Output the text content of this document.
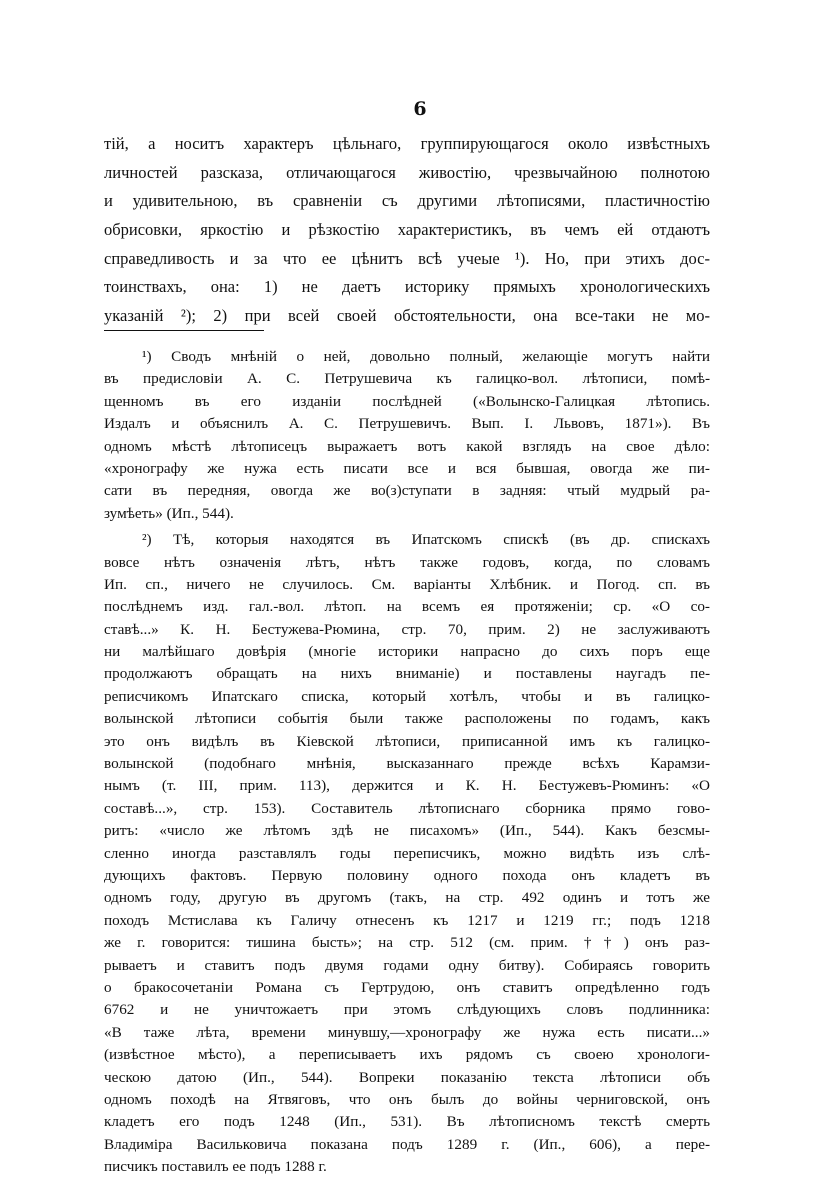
6
тій, а носитъ характеръ цѣльнаго, группирующагося около извѣстныхъ
личностей разсказа, отличающагося живостію, чрезвычайною полнотою
и удивительною, въ сравненіи съ другими лѣтописями, пластичностію
обрисовки, яркостію и рѣзкостію характеристикъ, въ чемъ ей отдаютъ
справедливость и за что ее цѣнитъ всѣ учеые ¹). Но, при этихъ дос-
тоинствахъ, она: 1) не даетъ историку прямыхъ хронологическихъ
указаній ²); 2) при всей своей обстоятельности, она все-таки не мо-
¹) Сводъ мнѣній о ней, довольно полный, желающіе могутъ найти
въ предисловіи А. С. Петрушевича къ галицко-вол. лѣтописи, помѣ-
щенномъ въ его изданіи послѣдней («Волынско-Галицкая лѣтопись.
Издалъ и объяснилъ А. С. Петрушевичъ. Вып. I. Львовъ, 1871»). Въ
одномъ мѣстѣ лѣтописецъ выражаетъ вотъ какой взглядъ на свое дѣло:
«хронографу же нужа есть писати все и вся бывшая, овогда же пи-
сати въ передняя, овогда же во(з)ступати в задняя: чтый мудрый ра-
зумѣеть» (Ип., 544).
²) Тѣ, которыя находятся въ Ипатскомъ спискѣ (въ др. спискахъ
вовсе нѣтъ означенія лѣтъ, нѣтъ также годовъ, когда, по словамъ
Ип. сп., ничего не случилось. См. варіанты Хлѣбник. и Погод. сп. въ
послѣднемъ изд. гал.-вол. лѣтоп. на всемъ ея протяженіи; ср. «О со-
ставѣ...» К. Н. Бестужева-Рюмина, стр. 70, прим. 2) не заслуживаютъ
ни малѣйшаго довѣрія (многіе историки напрасно до сихъ поръ еще
продолжаютъ обращать на нихъ вниманіе) и поставлены наугадъ пе-
реписчикомъ Ипатскаго списка, который хотѣлъ, чтобы и въ галицко-
волынской лѣтописи событія были также расположены по годамъ, какъ
это онъ видѣлъ въ Кіевской лѣтописи, приписанной имъ къ галицко-
волынской (подобнаго мнѣнія, высказаннаго прежде всѣхъ Карамзи-
нымъ (т. III, прим. 113), держится и К. Н. Бестужевъ-Рюминъ: «О
составѣ...», стр. 153). Составитель лѣтописнаго сборника прямо гово-
ритъ: «число же лѣтомъ здѣ не писахомъ» (Ип., 544). Какъ безсмы-
сленно иногда разставлялъ годы переписчикъ, можно видѣть изъ слѣ-
дующихъ фактовъ. Первую половину одного похода онъ кладетъ въ
одномъ году, другую въ другомъ (такъ, на стр. 492 одинъ и тотъ же
походъ Мстислава къ Галичу отнесенъ къ 1217 и 1219 гг.; подъ 1218
же г. говорится: тишина бысть»; на стр. 512 (см. прим. ††) онъ раз-
рываетъ и ставитъ подъ двумя годами одну битву). Собираясь говорить
о бракосочетаніи Романа съ Гертрудою, онъ ставитъ опредѣленно годъ
6762 и не уничтожаетъ при этомъ слѣдующихъ словъ подлинника:
«В таже лѣта, времени минувшу,—хронографу же нужа есть писати...»
(извѣстное мѣсто), а переписываетъ ихъ рядомъ съ своею хронологи-
ческою датою (Ип., 544). Вопреки показанію текста лѣтописи объ
одномъ походѣ на Ятвяговъ, что онъ былъ до войны черниговской, онъ
кладетъ его подъ 1248 (Ип., 531). Въ лѣтописномъ текстѣ смерть
Владиміра Васильковича показана подъ 1289 г. (Ип., 606), а пере-
писчикъ поставилъ ее подъ 1288 г.
